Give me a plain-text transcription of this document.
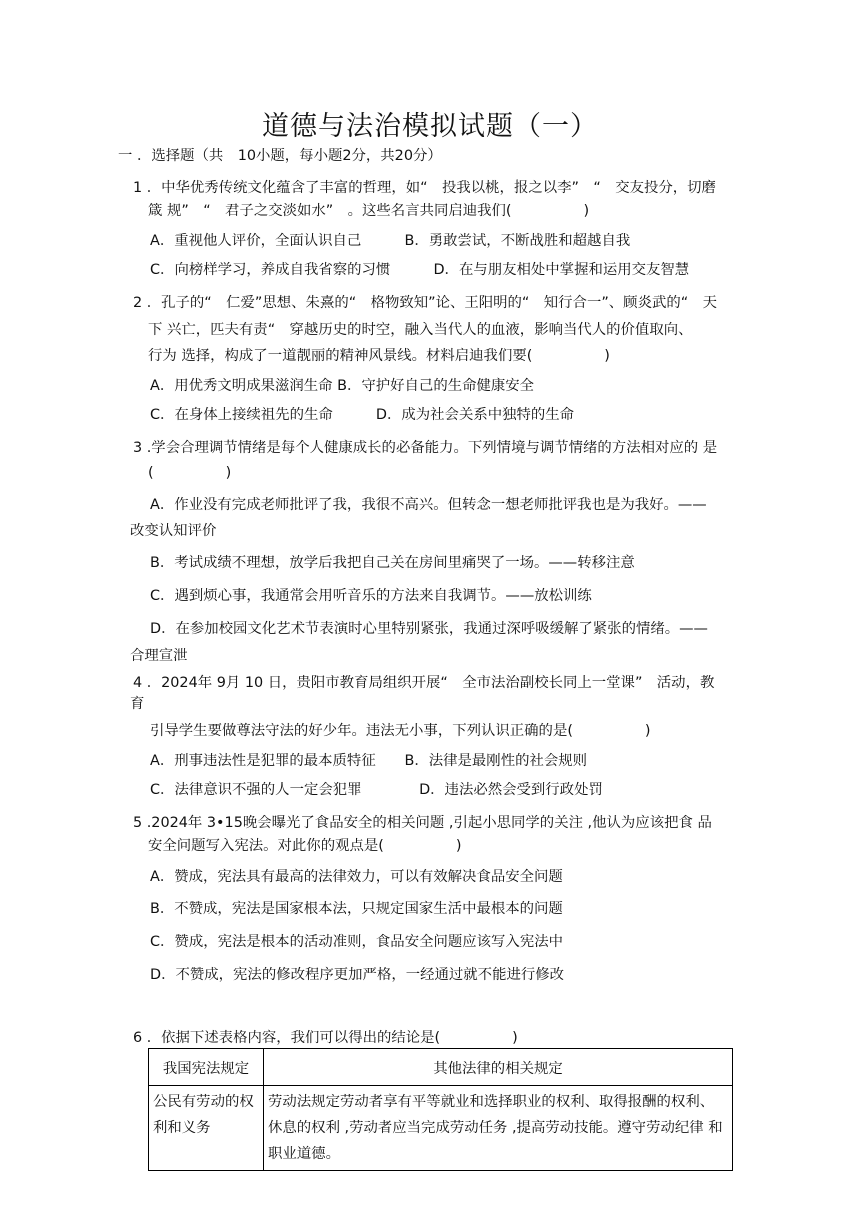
道德与法治模拟试题（一）

一 ．选择题（共　10小题，每小题2分，共20分）

1 ．中华优秀传统文化蕴含了丰富的哲理，如“　投我以桃，报之以李”　“　交友投分，切磨

箴 规”　“　君子之交淡如水”　。这些名言共同启迪我们(　　　　　)

A．重视他人评价，全面认识自己　　　B．勇敢尝试，不断战胜和超越自我

C．向榜样学习，养成自我省察的习惯　　　D．在与朋友相处中掌握和运用交友智慧

2 ．孔子的“　仁爱”思想、朱熹的“　格物致知”论、王阳明的“　知行合一”、顾炎武的“　天

下 兴亡，匹夫有责“　穿越历史的时空，融入当代人的血液，影响当代人的价值取向、

行为 选择，构成了一道靓丽的精神风景线。材料启迪我们要(　　　　　)

A．用优秀文明成果滋润生命 B．守护好自己的生命健康安全

C．在身体上接续祖先的生命　　　D．成为社会关系中独特的生命

3 .学会合理调节情绪是每个人健康成长的必备能力。下列情境与调节情绪的方法相对应的 是

(　　　　　)

A．作业没有完成老师批评了我，我很不高兴。但转念一想老师批评我也是为我好。——

改变认知评价

B．考试成绩不理想，放学后我把自己关在房间里痛哭了一场。——转移注意

C．遇到烦心事，我通常会用听音乐的方法来自我调节。——放松训练

D．在参加校园文化艺术节表演时心里特别紧张，我通过深呼吸缓解了紧张的情绪。——

合理宣泄

4 ．2024年 9月 10 日，贵阳市教育局组织开展“　全市法治副校长同上一堂课”　活动，教

育

引导学生要做尊法守法的好少年。违法无小事，下列认识正确的是(　　　　　)

A．刑事违法性是犯罪的最本质特征　　B．法律是最刚性的社会规则

C．法律意识不强的人一定会犯罪　　　　D．违法必然会受到行政处罚

5 .2024年 3•15晚会曝光了食品安全的相关问题 ,引起小思同学的关注 ,他认为应该把食 品

安全问题写入宪法。对此你的观点是(　　　　　)

A．赞成，宪法具有最高的法律效力，可以有效解决食品安全问题

B．不赞成，宪法是国家根本法，只规定国家生活中最根本的问题

C．赞成，宪法是根本的活动准则，食品安全问题应该写入宪法中

D．不赞成，宪法的修改程序更加严格，一经通过就不能进行修改

6 ．依据下述表格内容，我们可以得出的结论是(　　　　　)

我国宪法规定	其他法律的相关规定
公民有劳动的权
利和义务	劳动法规定劳动者享有平等就业和选择职业的权利、取得报酬的权利、
休息的权利 ,劳动者应当完成劳动任务 ,提高劳动技能。遵守劳动纪律 和
职业道德。
